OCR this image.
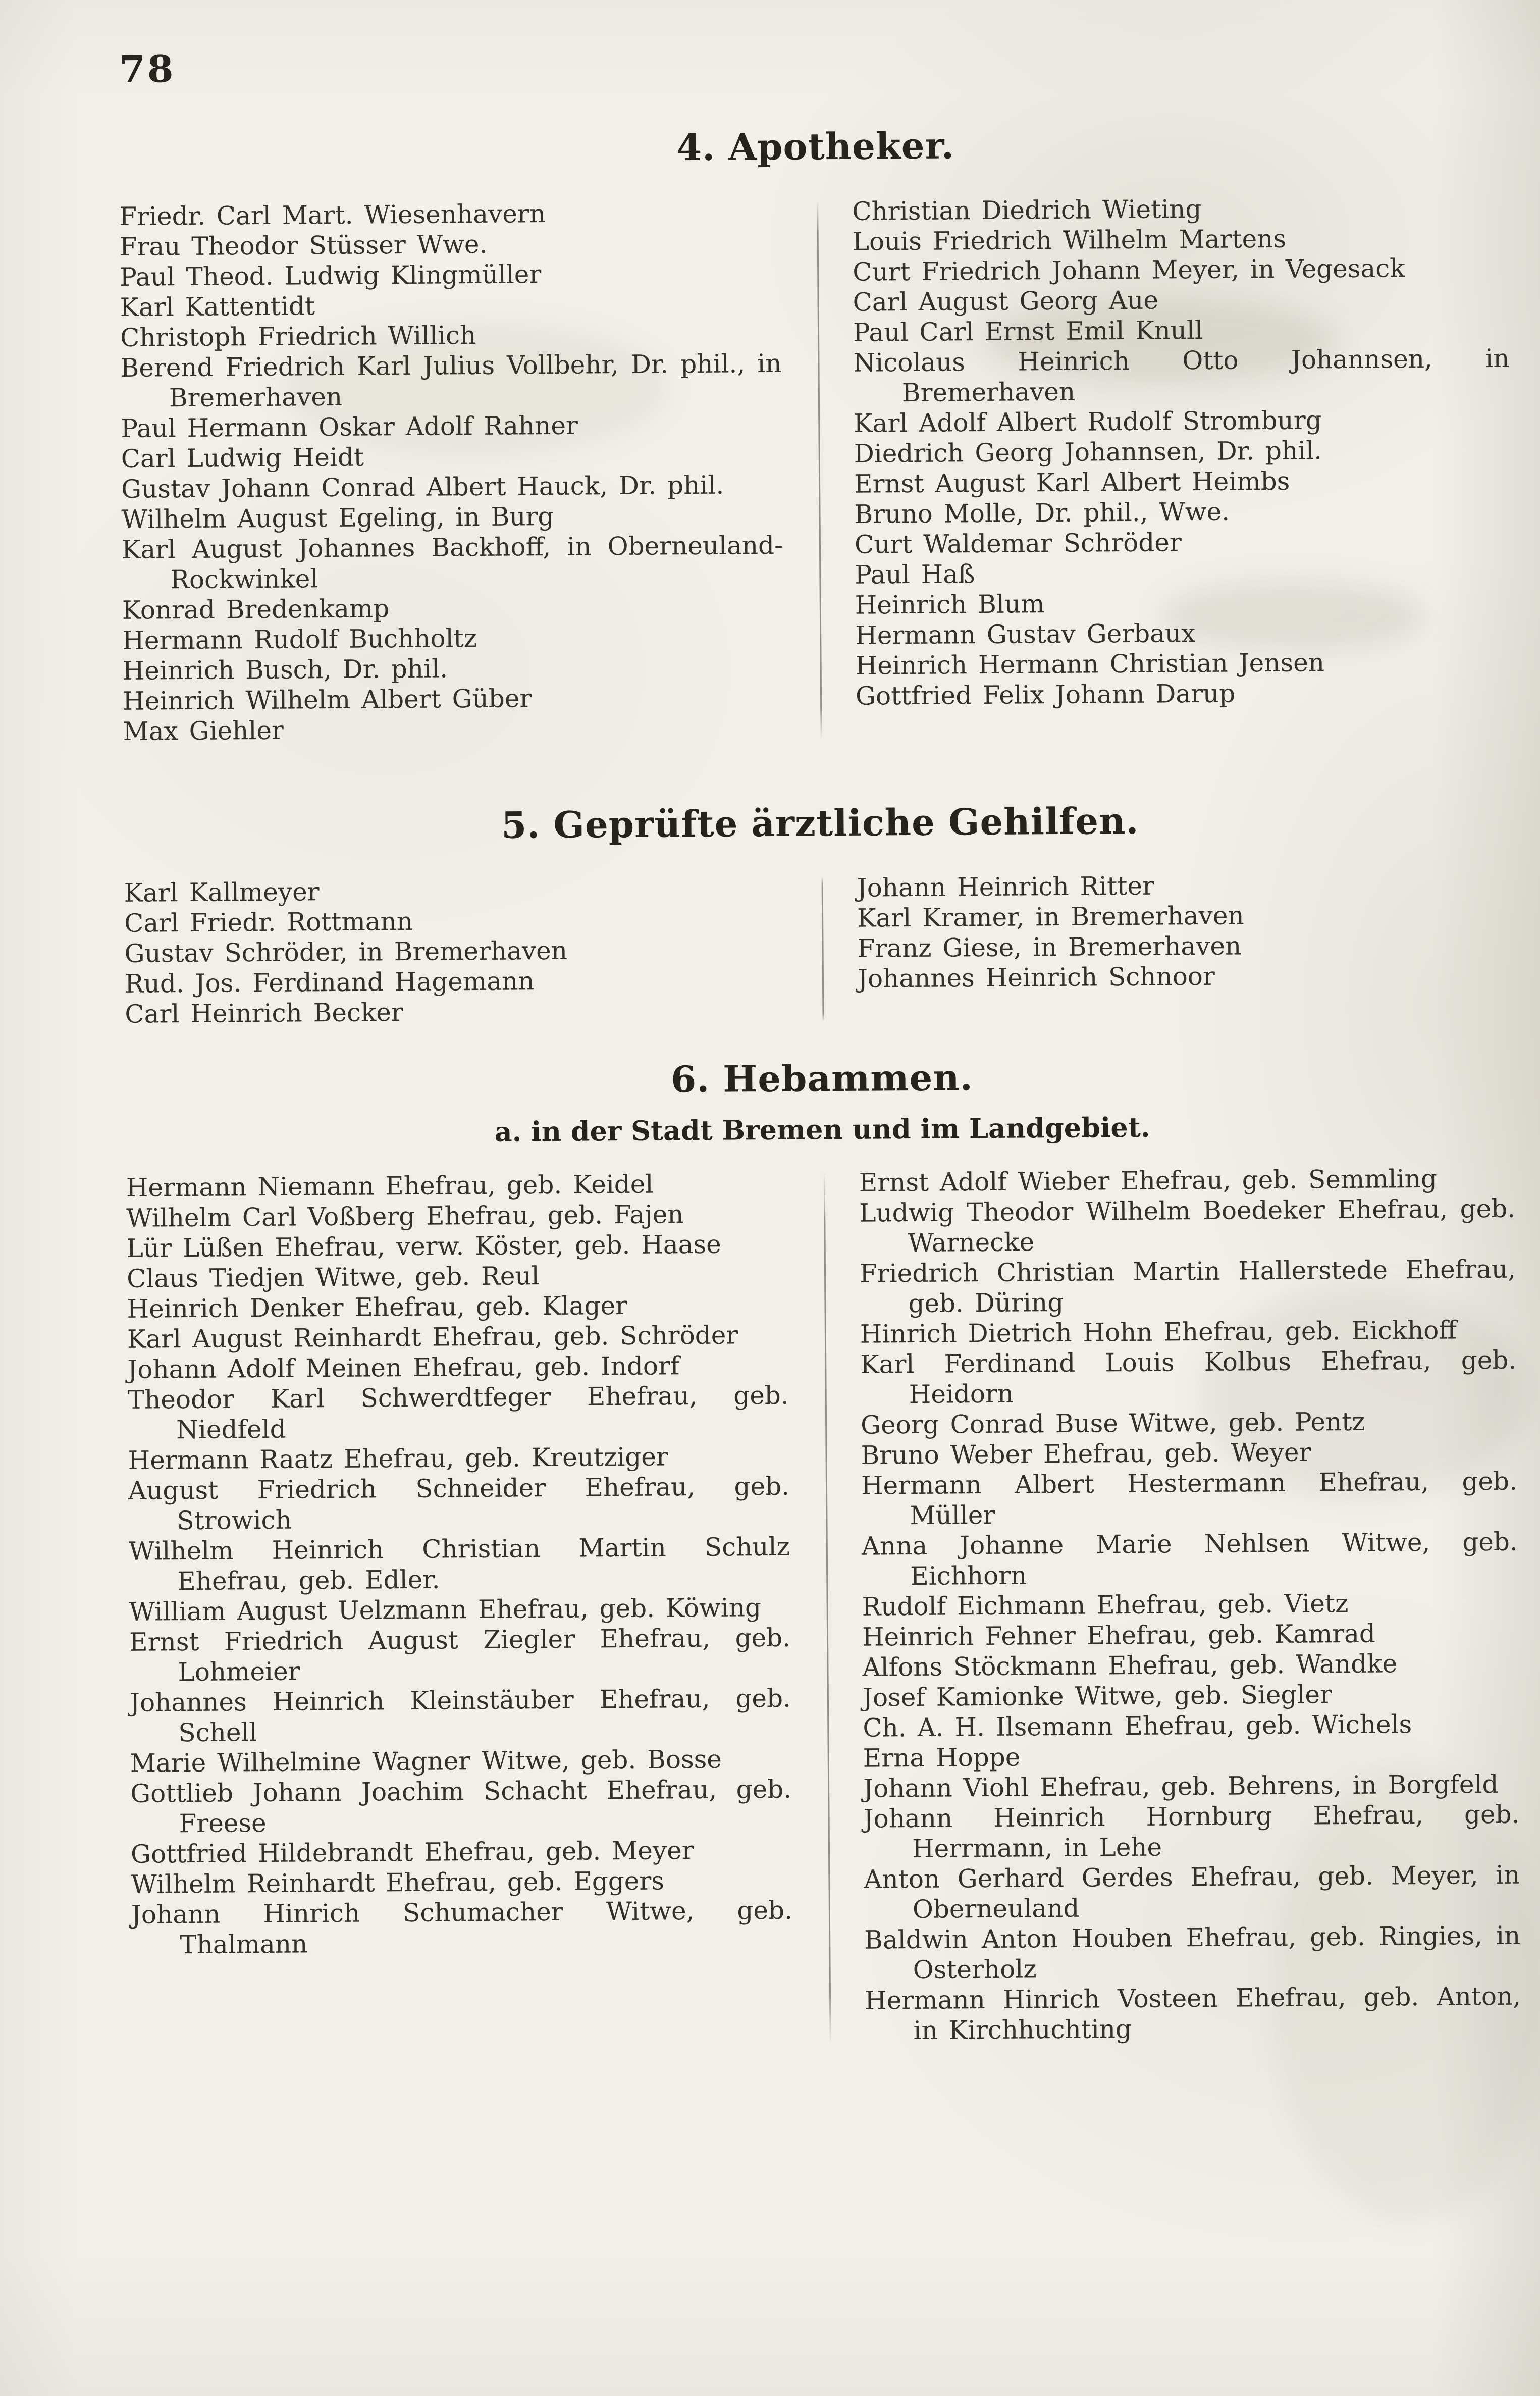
78
4. Apotheker.
Friedr. Carl Mart. Wiesenhavern
Frau Theodor Stüsser Wwe.
Paul Theod. Ludwig Klingmüller
Karl Kattentidt
Christoph Friedrich Willich
Berend Friedrich Karl Julius Vollbehr, Dr. phil., in Bremerhaven
Paul Hermann Oskar Adolf Rahner
Carl Ludwig Heidt
Gustav Johann Conrad Albert Hauck, Dr. phil.
Wilhelm August Egeling, in Burg
Karl August Johannes Backhoff, in Oberneuland-Rockwinkel
Konrad Bredenkamp
Hermann Rudolf Buchholtz
Heinrich Busch, Dr. phil.
Heinrich Wilhelm Albert Güber
Max Giehler
Christian Diedrich Wieting
Louis Friedrich Wilhelm Martens
Curt Friedrich Johann Meyer, in Vegesack
Carl August Georg Aue
Paul Carl Ernst Emil Knull
Nicolaus Heinrich Otto Johannsen, in Bremerhaven
Karl Adolf Albert Rudolf Stromburg
Diedrich Georg Johannsen, Dr. phil.
Ernst August Karl Albert Heimbs
Bruno Molle, Dr. phil., Wwe.
Curt Waldemar Schröder
Paul Haß
Heinrich Blum
Hermann Gustav Gerbaux
Heinrich Hermann Christian Jensen
Gottfried Felix Johann Darup
5. Geprüfte ärztliche Gehilfen.
Karl Kallmeyer
Carl Friedr. Rottmann
Gustav Schröder, in Bremerhaven
Rud. Jos. Ferdinand Hagemann
Carl Heinrich Becker
Johann Heinrich Ritter
Karl Kramer, in Bremerhaven
Franz Giese, in Bremerhaven
Johannes Heinrich Schnoor
6. Hebammen.

a. in der Stadt Bremen und im Landgebiet.

Hermann Niemann Ehefrau, geb. Keidel
Wilhelm Carl Voßberg Ehefrau, geb. Fajen
Lür Lüßen Ehefrau, verw. Köster, geb. Haase
Claus Tiedjen Witwe, geb. Reul
Heinrich Denker Ehefrau, geb. Klager
Karl August Reinhardt Ehefrau, geb. Schröder
Johann Adolf Meinen Ehefrau, geb. Indorf
Theodor Karl Schwerdtfeger Ehefrau, geb. Niedfeld
Hermann Raatz Ehefrau, geb. Kreutziger
August Friedrich Schneider Ehefrau, geb. Strowich
Wilhelm Heinrich Christian Martin Schulz Ehefrau, geb. Edler.
William August Uelzmann Ehefrau, geb. Köwing
Ernst Friedrich August Ziegler Ehefrau, geb. Lohmeier
Johannes Heinrich Kleinstäuber Ehefrau, geb. Schell
Marie Wilhelmine Wagner Witwe, geb. Bosse
Gottlieb Johann Joachim Schacht Ehefrau, geb. Freese
Gottfried Hildebrandt Ehefrau, geb. Meyer
Wilhelm Reinhardt Ehefrau, geb. Eggers
Johann Hinrich Schumacher Witwe, geb. Thalmann
Ernst Adolf Wieber Ehefrau, geb. Semmling
Ludwig Theodor Wilhelm Boedeker Ehefrau, geb. Warnecke
Friedrich Christian Martin Hallerstede Ehefrau, geb. Düring
Hinrich Dietrich Hohn Ehefrau, geb. Eickhoff
Karl Ferdinand Louis Kolbus Ehefrau, geb. Heidorn
Georg Conrad Buse Witwe, geb. Pentz
Bruno Weber Ehefrau, geb. Weyer
Hermann Albert Hestermann Ehefrau, geb. Müller
Anna Johanne Marie Nehlsen Witwe, geb. Eichhorn
Rudolf Eichmann Ehefrau, geb. Vietz
Heinrich Fehner Ehefrau, geb. Kamrad
Alfons Stöckmann Ehefrau, geb. Wandke
Josef Kamionke Witwe, geb. Siegler
Ch. A. H. Ilsemann Ehefrau, geb. Wichels
Erna Hoppe
Johann Viohl Ehefrau, geb. Behrens, in Borgfeld
Johann Heinrich Hornburg Ehefrau, geb. Herrmann, in Lehe
Anton Gerhard Gerdes Ehefrau, geb. Meyer, in Oberneuland
Baldwin Anton Houben Ehefrau, geb. Ringies, in Osterholz
Hermann Hinrich Vosteen Ehefrau, geb. Anton, in Kirchhuchting
